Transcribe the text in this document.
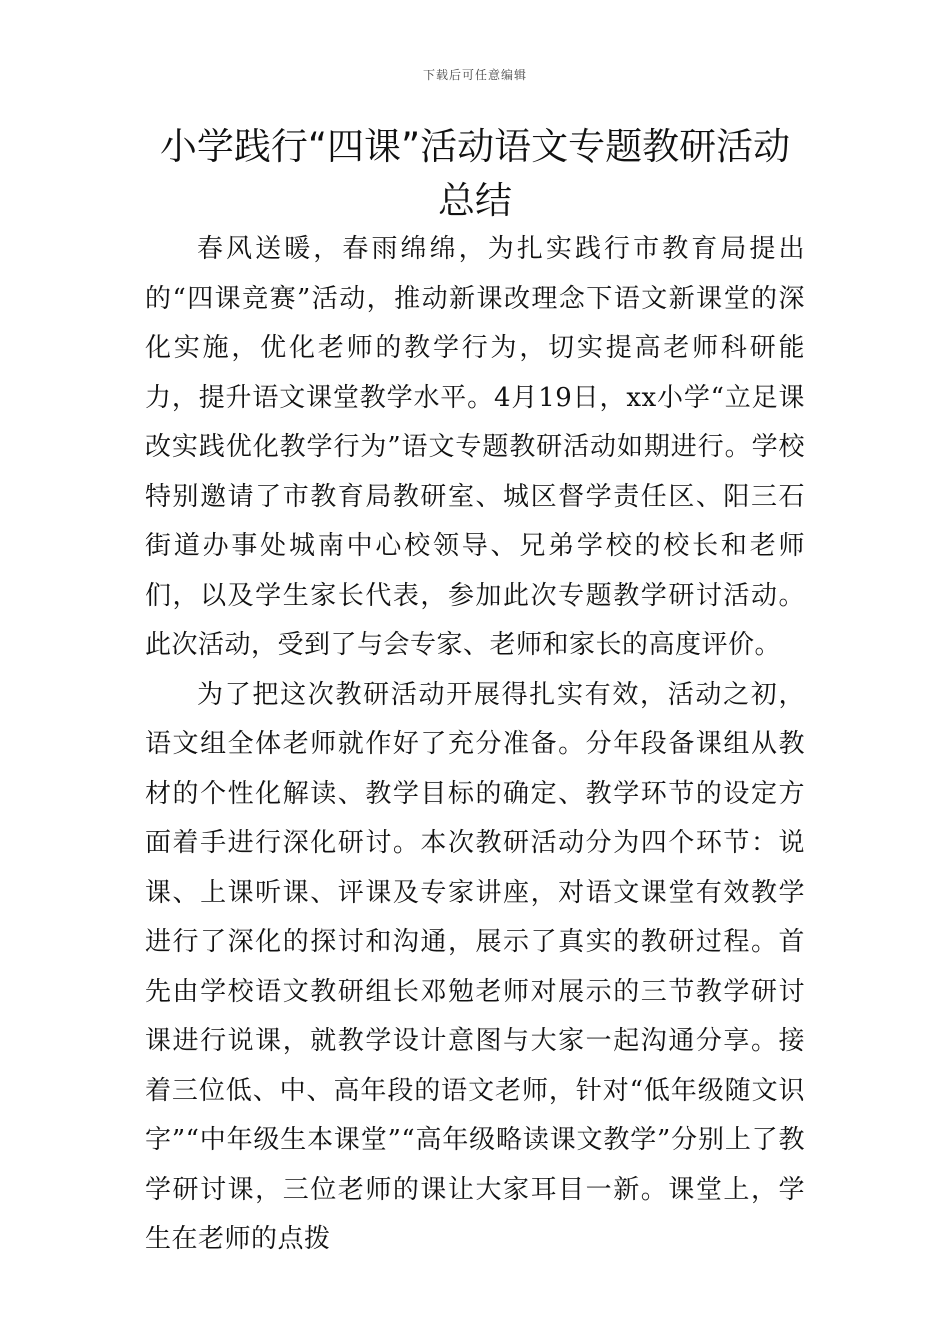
下载后可任意编辑
小学践行“四课”活动语文专题教研活动总结

春风送暖，春雨绵绵，为扎实践行市教育局提出的“四课竞赛”活动，推动新课改理念下语文新课堂的深化实施，优化老师的教学行为，切实提高老师科研能力，提升语文课堂教学水平。4月19日，xx小学“立足课改实践优化教学行为”语文专题教研活动如期进行。学校特别邀请了市教育局教研室、城区督学责任区、阳三石街道办事处城南中心校领导、兄弟学校的校长和老师们，以及学生家长代表，参加此次专题教学研讨活动。此次活动，受到了与会专家、老师和家长的高度评价。

为了把这次教研活动开展得扎实有效，活动之初，语文组全体老师就作好了充分准备。分年段备课组从教材的个性化解读、教学目标的确定、教学环节的设定方面着手进行深化研讨。本次教研活动分为四个环节：说课、上课听课、评课及专家讲座，对语文课堂有效教学进行了深化的探讨和沟通，展示了真实的教研过程。首先由学校语文教研组长邓勉老师对展示的三节教学研讨课进行说课，就教学设计意图与大家一起沟通分享。接着三位低、中、高年段的语文老师，针对“低年级随文识字”“中年级生本课堂”“高年级略读课文教学”分别上了教学研讨课，三位老师的课让大家耳目一新。课堂上，学生在老师的点拨
